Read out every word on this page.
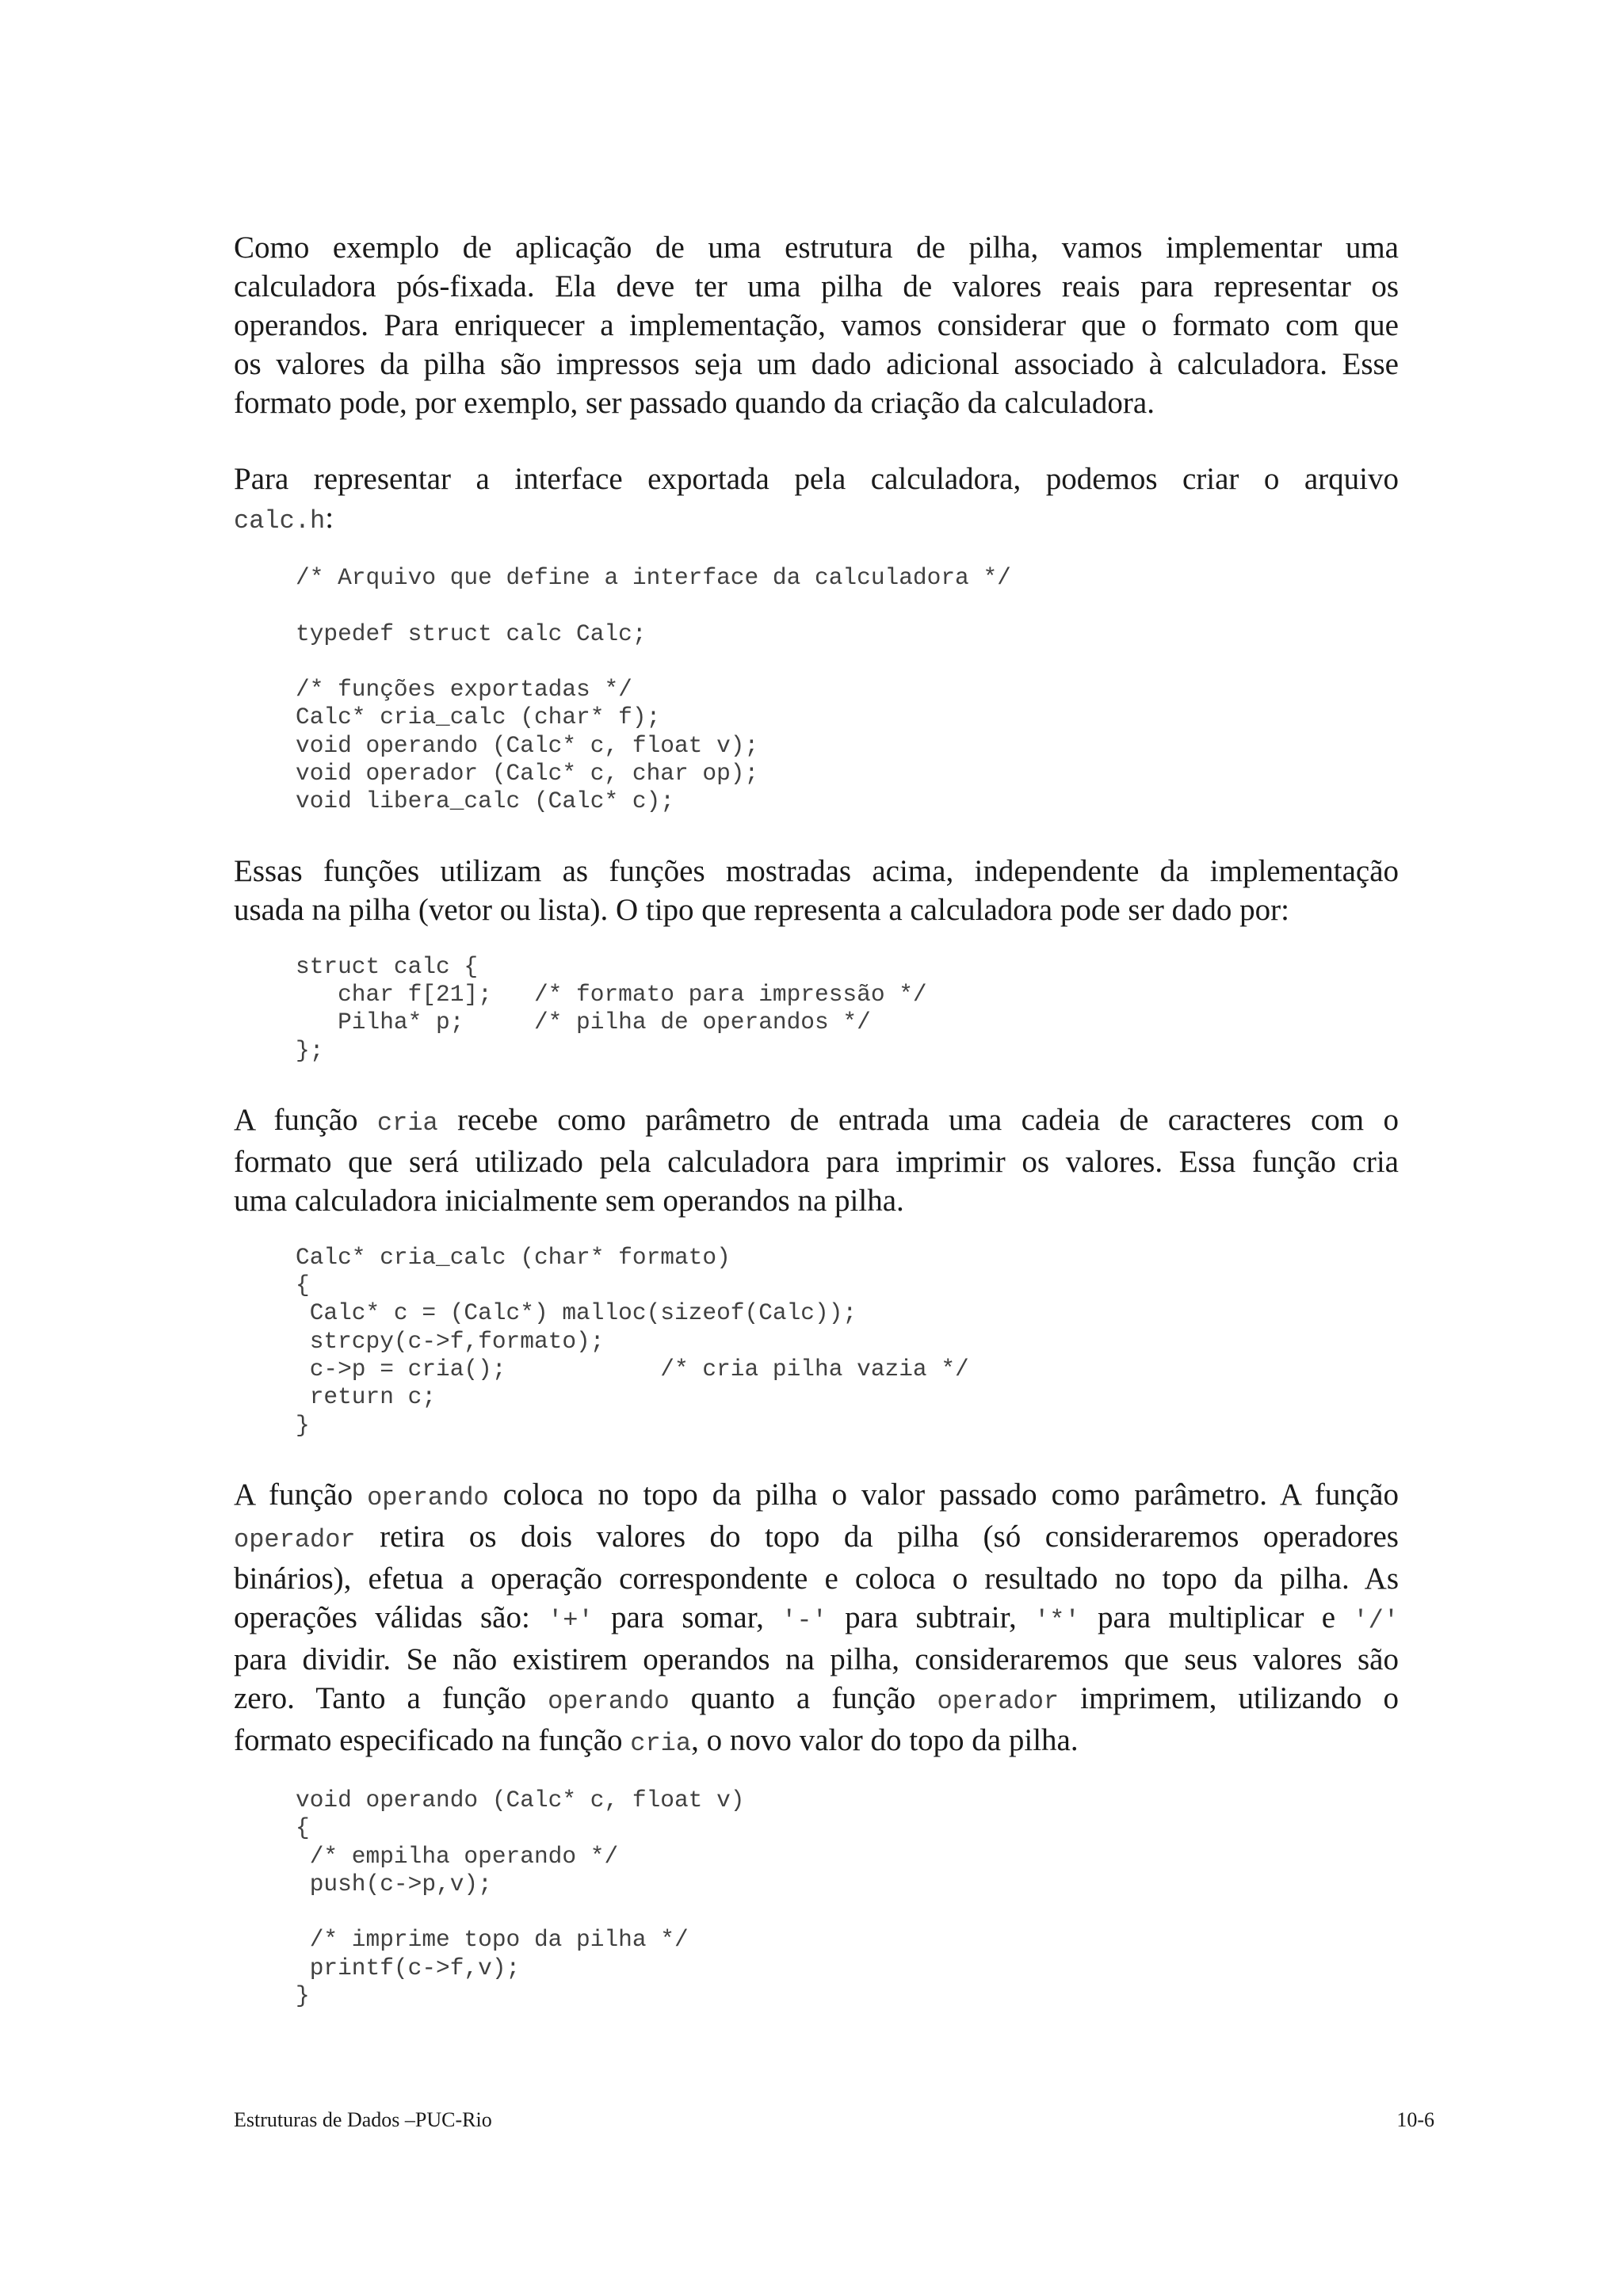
Como exemplo de aplicação de uma estrutura de pilha, vamos implementar uma
calculadora pós-fixada. Ela deve ter uma pilha de valores reais para representar os
operandos. Para enriquecer a implementação, vamos considerar que o formato com que
os valores da pilha são impressos seja um dado adicional associado à calculadora. Esse
formato pode, por exemplo, ser passado quando da criação da calculadora.

Para representar a interface exportada pela calculadora, podemos criar o arquivo
calc.h:

/* Arquivo que define a interface da calculadora */

typedef struct calc Calc;

/* funções exportadas */
Calc* cria_calc (char* f);
void operando (Calc* c, float v);
void operador (Calc* c, char op);
void libera_calc (Calc* c);

Essas funções utilizam as funções mostradas acima, independente da implementação
usada na pilha (vetor ou lista). O tipo que representa a calculadora pode ser dado por:

struct calc {
char f[21];   /* formato para impressão */
Pilha* p;     /* pilha de operandos */
};

A função cria recebe como parâmetro de entrada uma cadeia de caracteres com o
formato que será utilizado pela calculadora para imprimir os valores. Essa função cria
uma calculadora inicialmente sem operandos na pilha.

Calc* cria_calc (char* formato)
{
Calc* c = (Calc*) malloc(sizeof(Calc));
strcpy(c->f,formato);
c->p = cria();           /* cria pilha vazia */
return c;
}

A função operando coloca no topo da pilha o valor passado como parâmetro. A função
operador retira os dois valores do topo da pilha (só consideraremos operadores
binários), efetua a operação correspondente e coloca o resultado no topo da pilha. As
operações válidas são: '+' para somar, '-' para subtrair, '*' para multiplicar e '/'
para dividir. Se não existirem operandos na pilha, consideraremos que seus valores são
zero. Tanto a função operando quanto a função operador imprimem, utilizando o
formato especificado na função cria, o novo valor do topo da pilha.

void operando (Calc* c, float v)
{
/* empilha operando */
push(c->p,v);

/* imprime topo da pilha */
printf(c->f,v);
}
Estruturas de Dados –PUC-Rio	10-6
